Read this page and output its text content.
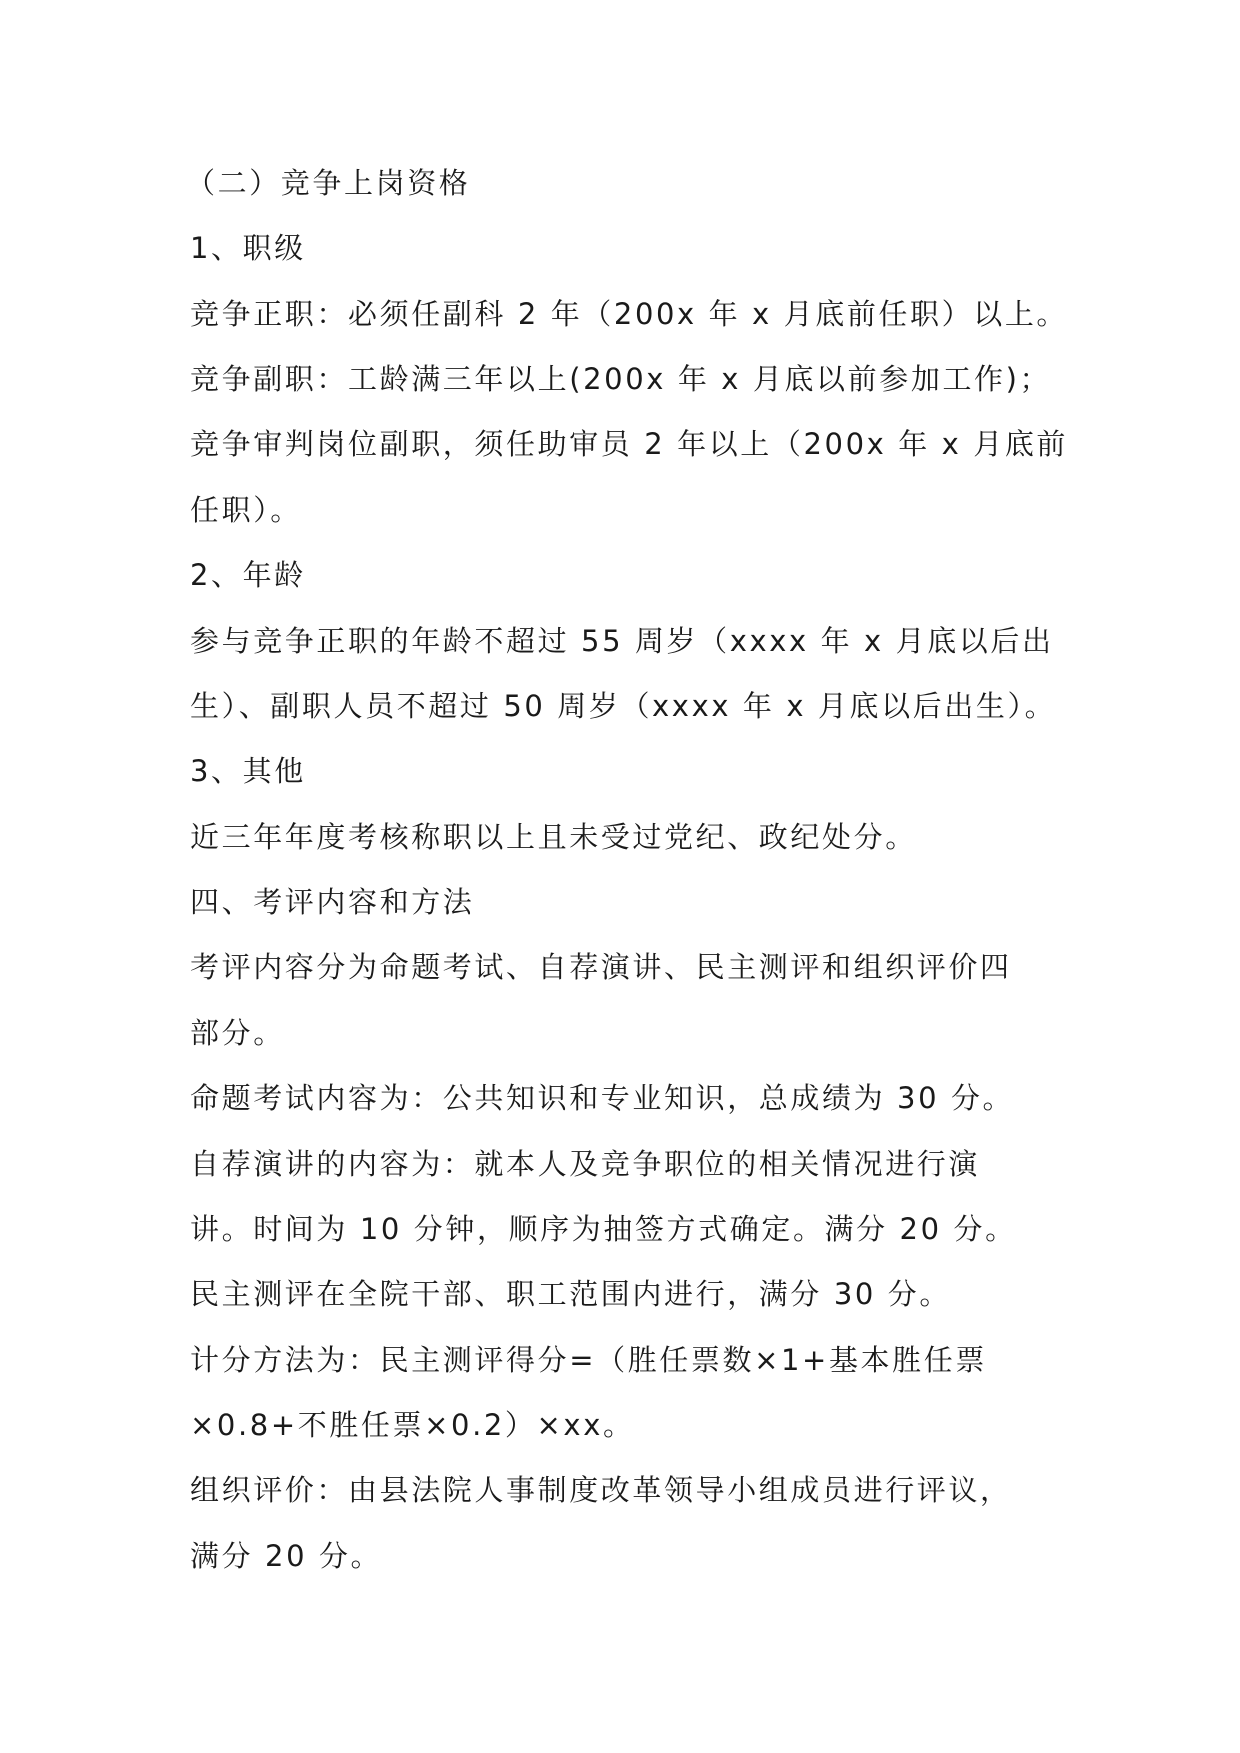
（二）竞争上岗资格
1、职级
竞争正职：必须任副科 2 年（200x 年 x 月底前任职）以上。
竞争副职：工龄满三年以上(200x 年 x 月底以前参加工作)；
竞争审判岗位副职，须任助审员 2 年以上（200x 年 x 月底前
任职）。
2、年龄
参与竞争正职的年龄不超过 55 周岁（xxxx 年 x 月底以后出
生）、副职人员不超过 50 周岁（xxxx 年 x 月底以后出生）。
3、其他
近三年年度考核称职以上且未受过党纪、政纪处分。
四、考评内容和方法
考评内容分为命题考试、自荐演讲、民主测评和组织评价四
部分。
命题考试内容为：公共知识和专业知识，总成绩为 30 分。
自荐演讲的内容为：就本人及竞争职位的相关情况进行演
讲。时间为 10 分钟，顺序为抽签方式确定。满分 20 分。
民主测评在全院干部、职工范围内进行，满分 30 分。
计分方法为：民主测评得分=（胜任票数×1+基本胜任票
×0.8+不胜任票×0.2）×xx。
组织评价：由县法院人事制度改革领导小组成员进行评议，
满分 20 分。
